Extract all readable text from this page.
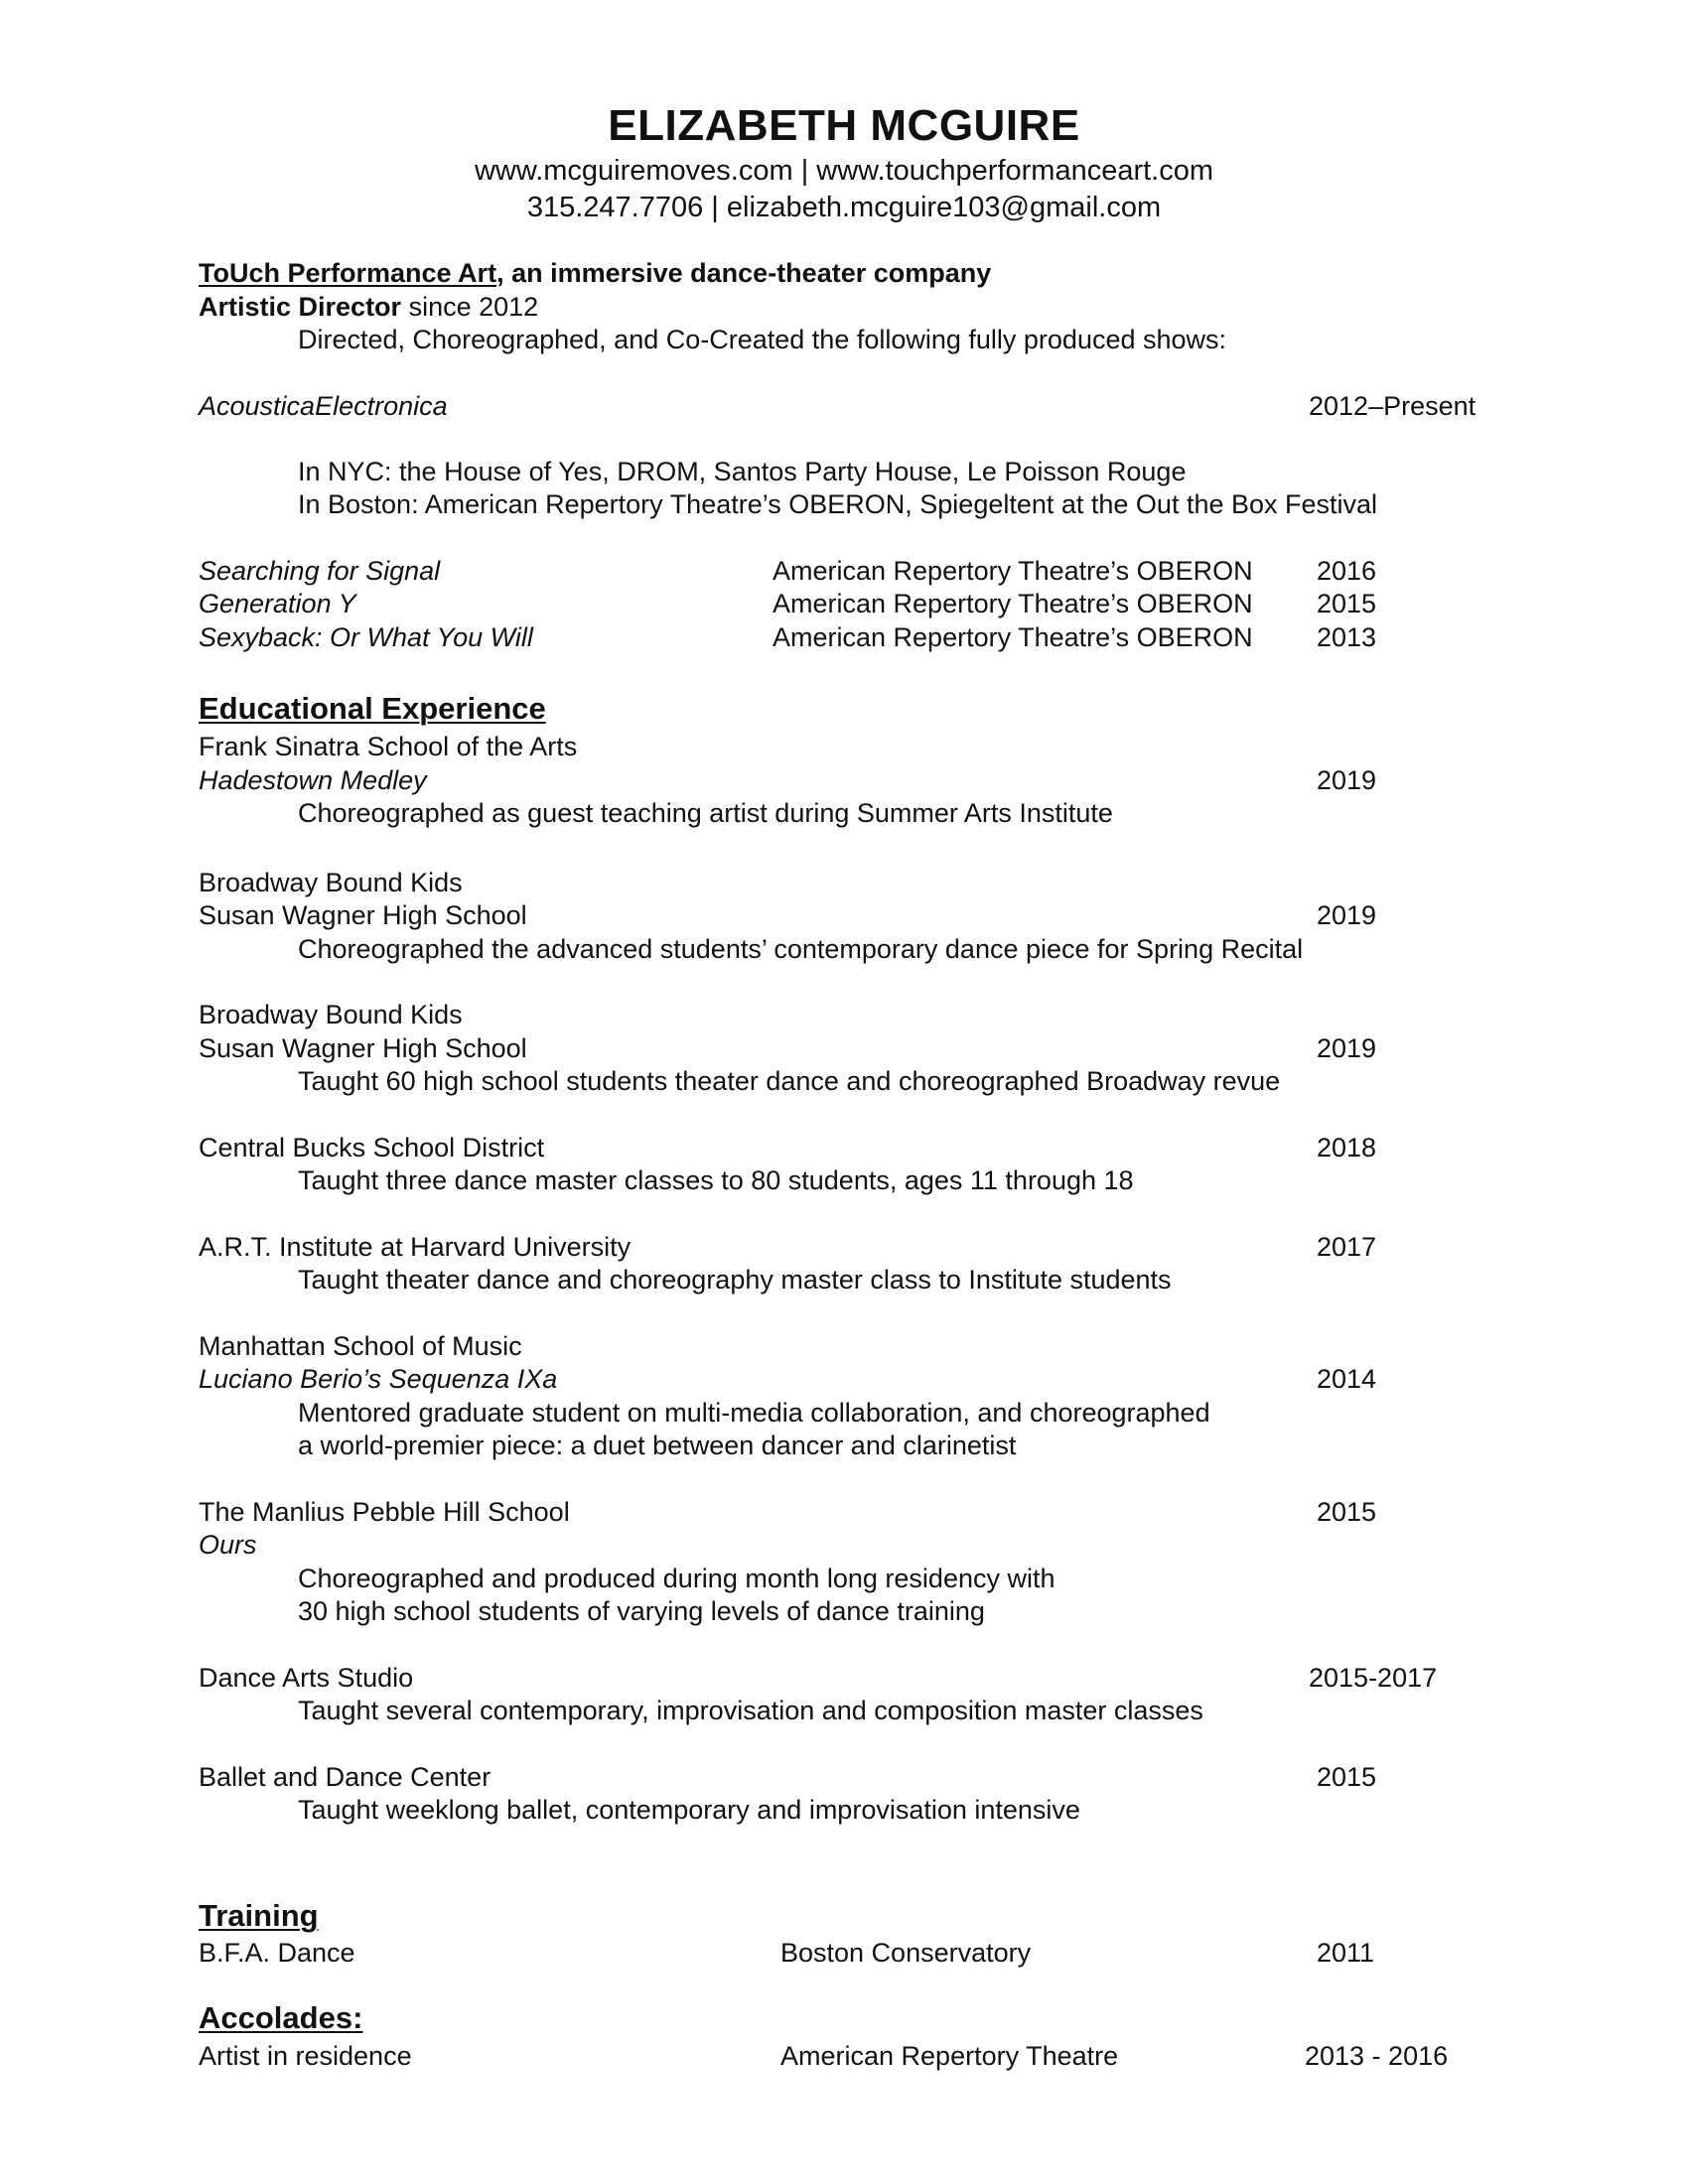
ELIZABETH MCGUIRE
www.mcguiremoves.com | www.touchperformanceart.com
315.247.7706 | elizabeth.mcguire103@gmail.com
ToUch Performance Art, an immersive dance-theater company
Artistic Director since 2012
Directed, Choreographed, and Co-Created the following fully produced shows:
AcousticaElectronica	2012–Present
In NYC: the House of Yes, DROM, Santos Party House, Le Poisson Rouge
In Boston: American Repertory Theatre’s OBERON, Spiegeltent at the Out the Box Festival
Searching for Signal	American Repertory Theatre’s OBERON 2016
Generation Y	American Repertory Theatre’s OBERON 2015
Sexyback: Or What You Will	American Repertory Theatre’s OBERON 2013
Educational Experience
Frank Sinatra School of the Arts
Hadestown Medley	2019
Choreographed as guest teaching artist during Summer Arts Institute
Broadway Bound Kids
Susan Wagner High School	2019
Choreographed the advanced students’ contemporary dance piece for Spring Recital
Broadway Bound Kids
Susan Wagner High School	2019
Taught 60 high school students theater dance and choreographed Broadway revue
Central Bucks School District	2018
Taught three dance master classes to 80 students, ages 11 through 18
A.R.T. Institute at Harvard University	2017
Taught theater dance and choreography master class to Institute students
Manhattan School of Music
Luciano Berio’s Sequenza IXa	2014
Mentored graduate student on multi-media collaboration, and choreographed
a world-premier piece: a duet between dancer and clarinetist
The Manlius Pebble Hill School	2015
Ours
Choreographed and produced during month long residency with
30 high school students of varying levels of dance training
Dance Arts Studio	2015-2017
Taught several contemporary, improvisation and composition master classes
Ballet and Dance Center	2015
Taught weeklong ballet, contemporary and improvisation intensive
Training
B.F.A. Dance	Boston Conservatory	2011
Accolades:
Artist in residence	American Repertory Theatre	2013 - 2016
